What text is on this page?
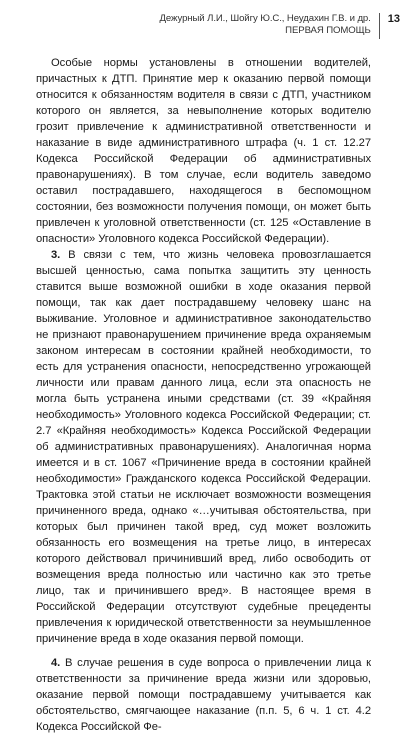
Дежурный Л.И., Шойгу Ю.С., Неудахин Г.В. и др.
ПЕРВАЯ ПОМОЩЬ
13

Особые нормы установлены в отношении водителей, причастных к ДТП. Принятие мер к оказанию первой помощи относится к обязанностям водителя в связи с ДТП, участником которого он является, за невыполнение которых водителю грозит привлечение к административной ответственности и наказание в виде административного штрафа (ч. 1 ст. 12.27 Кодекса Российской Федерации об административных правонарушениях). В том случае, если водитель заведомо оставил пострадавшего, находящегося в беспомощном состоянии, без возможности получения помощи, он может быть привлечен к уголовной ответственности (ст. 125 «Оставление в опасности» Уголовного кодекса Российской Федерации).

3. В связи с тем, что жизнь человека провозглашается высшей ценностью, сама попытка защитить эту ценность ставится выше возможной ошибки в ходе оказания первой помощи, так как дает пострадавшему человеку шанс на выживание. Уголовное и административное законодательство не признают правонарушением причинение вреда охраняемым законом интересам в состоянии крайней необходимости, то есть для устранения опасности, непосредственно угрожающей личности или правам данного лица, если эта опасность не могла быть устранена иными средствами (ст. 39 «Крайняя необходимость» Уголовного кодекса Российской Федерации; ст. 2.7 «Крайняя необходимость» Кодекса Российской Федерации об административных правонарушениях). Аналогичная норма имеется и в ст. 1067 «Причинение вреда в состоянии крайней необходимости» Гражданского кодекса Российской Федерации. Трактовка этой статьи не исключает возможности возмещения причиненного вреда, однако «…учитывая обстоятельства, при которых был причинен такой вред, суд может возложить обязанность его возмещения на третье лицо, в интересах которого действовал причинивший вред, либо освободить от возмещения вреда полностью или частично как это третье лицо, так и причинившего вред». В настоящее время в Российской Федерации отсутствуют судебные прецеденты привлечения к юридической ответственности за неумышленное причинение вреда в ходе оказания первой помощи.

4. В случае решения в суде вопроса о привлечении лица к ответственности за причинение вреда жизни или здоровью, оказание первой помощи пострадавшему учитывается как обстоятельство, смягчающее наказание (п.п. 5, 6 ч. 1 ст. 4.2 Кодекса Российской Фе-
